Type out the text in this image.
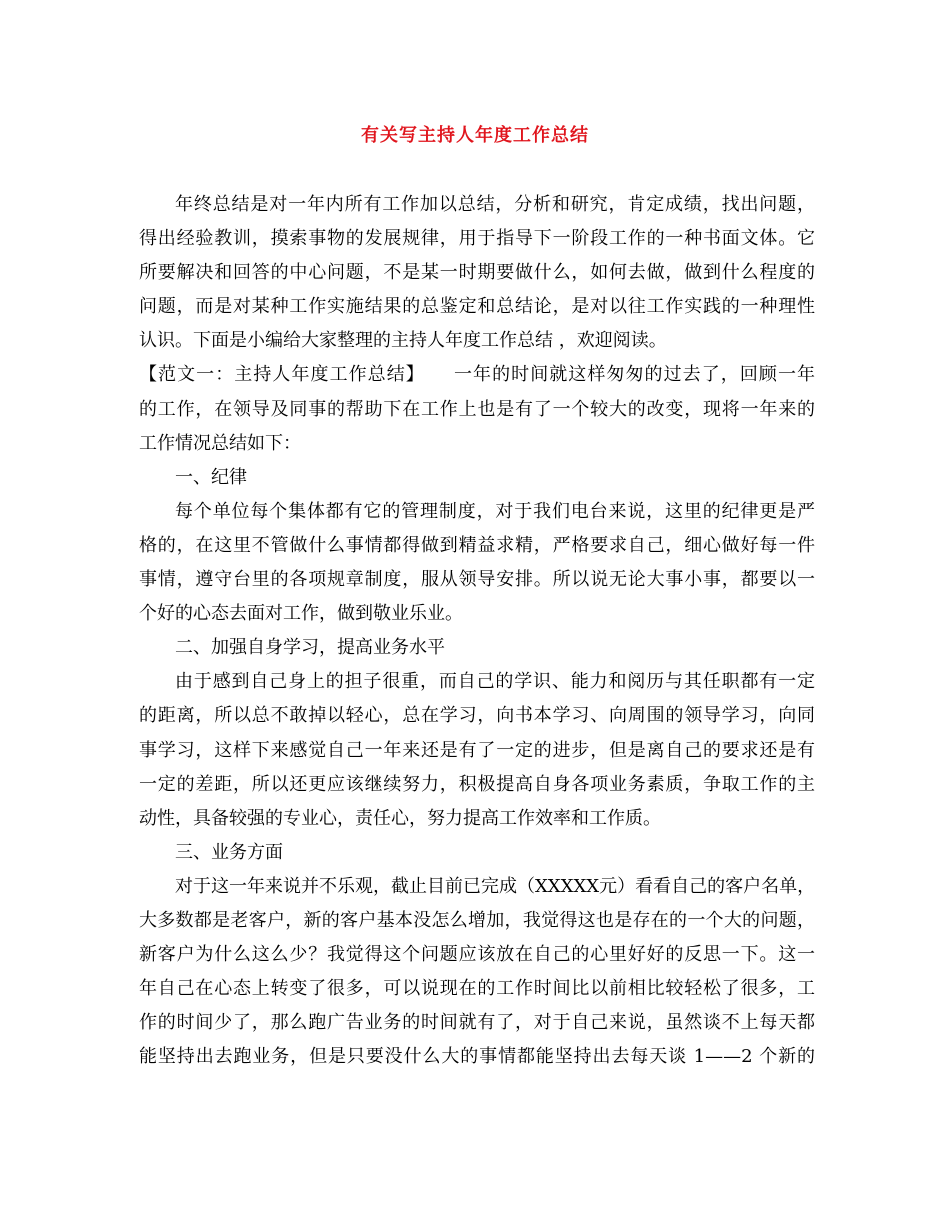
有关写主持人年度工作总结
年终总结是对一年内所有工作加以总结，分析和研究，肯定成绩，找出问题，
得出经验教训，摸索事物的发展规律，用于指导下一阶段工作的一种书面文体。它
所要解决和回答的中心问题，不是某一时期要做什么，如何去做，做到什么程度的
问题，而是对某种工作实施结果的总鉴定和总结论，是对以往工作实践的一种理性
认识。下面是小编给大家整理的主持人年度工作总结 ，欢迎阅读。
【范文一：主持人年度工作总结】　　一年的时间就这样匆匆的过去了，回顾一年
的工作，在领导及同事的帮助下在工作上也是有了一个较大的改变，现将一年来的
工作情况总结如下：
一、纪律
每个单位每个集体都有它的管理制度，对于我们电台来说，这里的纪律更是严
格的，在这里不管做什么事情都得做到精益求精，严格要求自己，细心做好每一件
事情，遵守台里的各项规章制度，服从领导安排。所以说无论大事小事，都要以一
个好的心态去面对工作，做到敬业乐业。
二、加强自身学习，提高业务水平
由于感到自己身上的担子很重，而自己的学识、能力和阅历与其任职都有一定
的距离，所以总不敢掉以轻心，总在学习，向书本学习、向周围的领导学习，向同
事学习，这样下来感觉自己一年来还是有了一定的进步，但是离自己的要求还是有
一定的差距，所以还更应该继续努力，积极提高自身各项业务素质，争取工作的主
动性，具备较强的专业心，责任心，努力提高工作效率和工作质。
三、业务方面
对于这一年来说并不乐观，截止目前已完成（XXXXX元）看看自己的客户名单，
大多数都是老客户，新的客户基本没怎么增加，我觉得这也是存在的一个大的问题，
新客户为什么这么少？我觉得这个问题应该放在自己的心里好好的反思一下。这一
年自己在心态上转变了很多，可以说现在的工作时间比以前相比较轻松了很多，工
作的时间少了，那么跑广告业务的时间就有了，对于自己来说，虽然谈不上每天都
能坚持出去跑业务，但是只要没什么大的事情都能坚持出去每天谈 1——2 个新的
